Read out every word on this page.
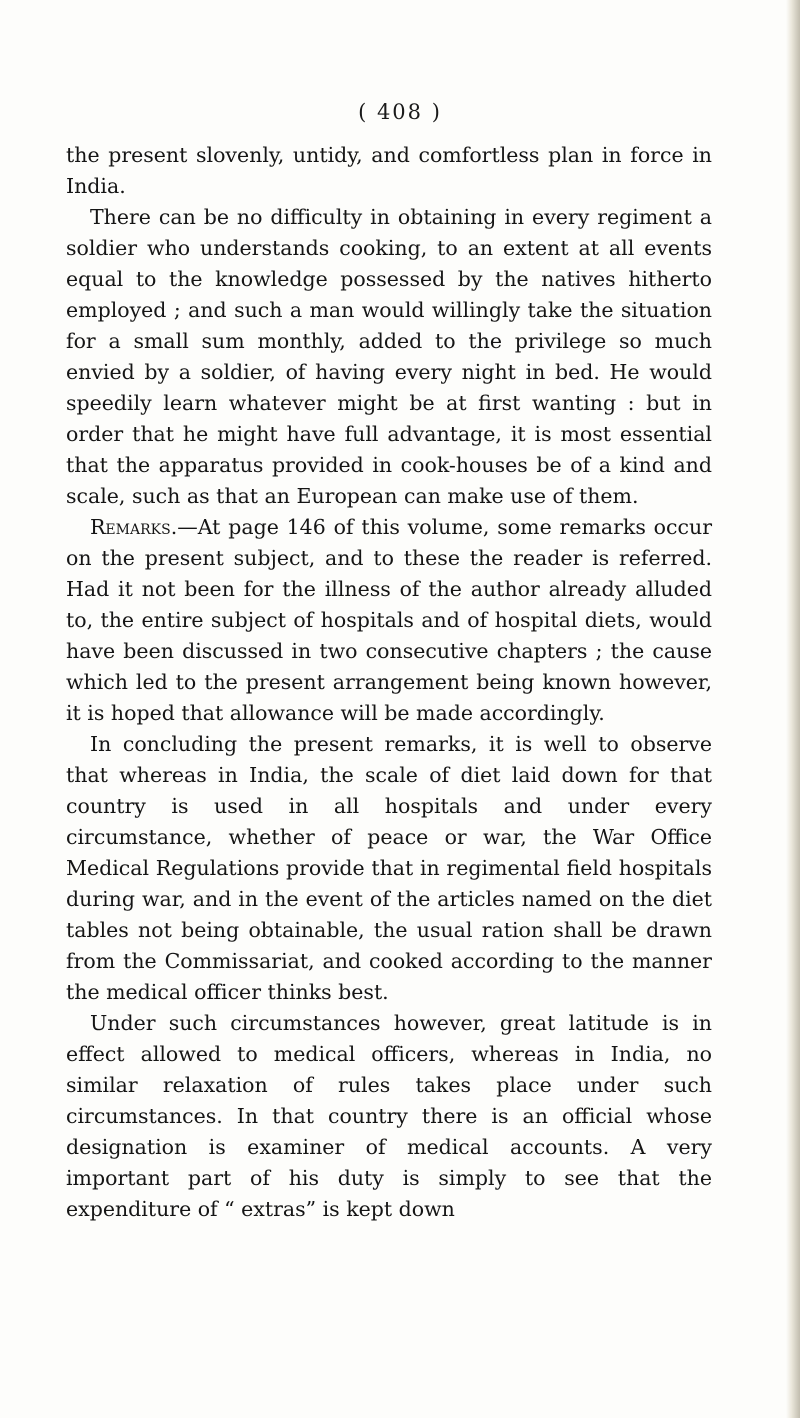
( 408 )

the present slovenly, untidy, and comfortless plan in force in India.

There can be no difficulty in obtaining in every regiment a soldier who understands cooking, to an extent at all events equal to the knowledge possessed by the natives hitherto employed ; and such a man would willingly take the situation for a small sum monthly, added to the privilege so much envied by a soldier, of having every night in bed. He would speedily learn whatever might be at first wanting : but in order that he might have full advantage, it is most essential that the apparatus provided in cook-houses be of a kind and scale, such as that an European can make use of them.

Remarks.—At page 146 of this volume, some remarks occur on the present subject, and to these the reader is referred. Had it not been for the illness of the author already alluded to, the entire subject of hospitals and of hospital diets, would have been discussed in two consecutive chapters ; the cause which led to the present arrangement being known however, it is hoped that allowance will be made accordingly.

In concluding the present remarks, it is well to observe that whereas in India, the scale of diet laid down for that country is used in all hospitals and under every circumstance, whether of peace or war, the War Office Medical Regulations provide that in regimental field hospitals during war, and in the event of the articles named on the diet tables not being obtainable, the usual ration shall be drawn from the Commissariat, and cooked according to the manner the medical officer thinks best.

Under such circumstances however, great latitude is in effect allowed to medical officers, whereas in India, no similar relaxation of rules takes place under such circumstances. In that country there is an official whose designation is examiner of medical accounts. A very important part of his duty is simply to see that the expenditure of “ extras” is kept down
